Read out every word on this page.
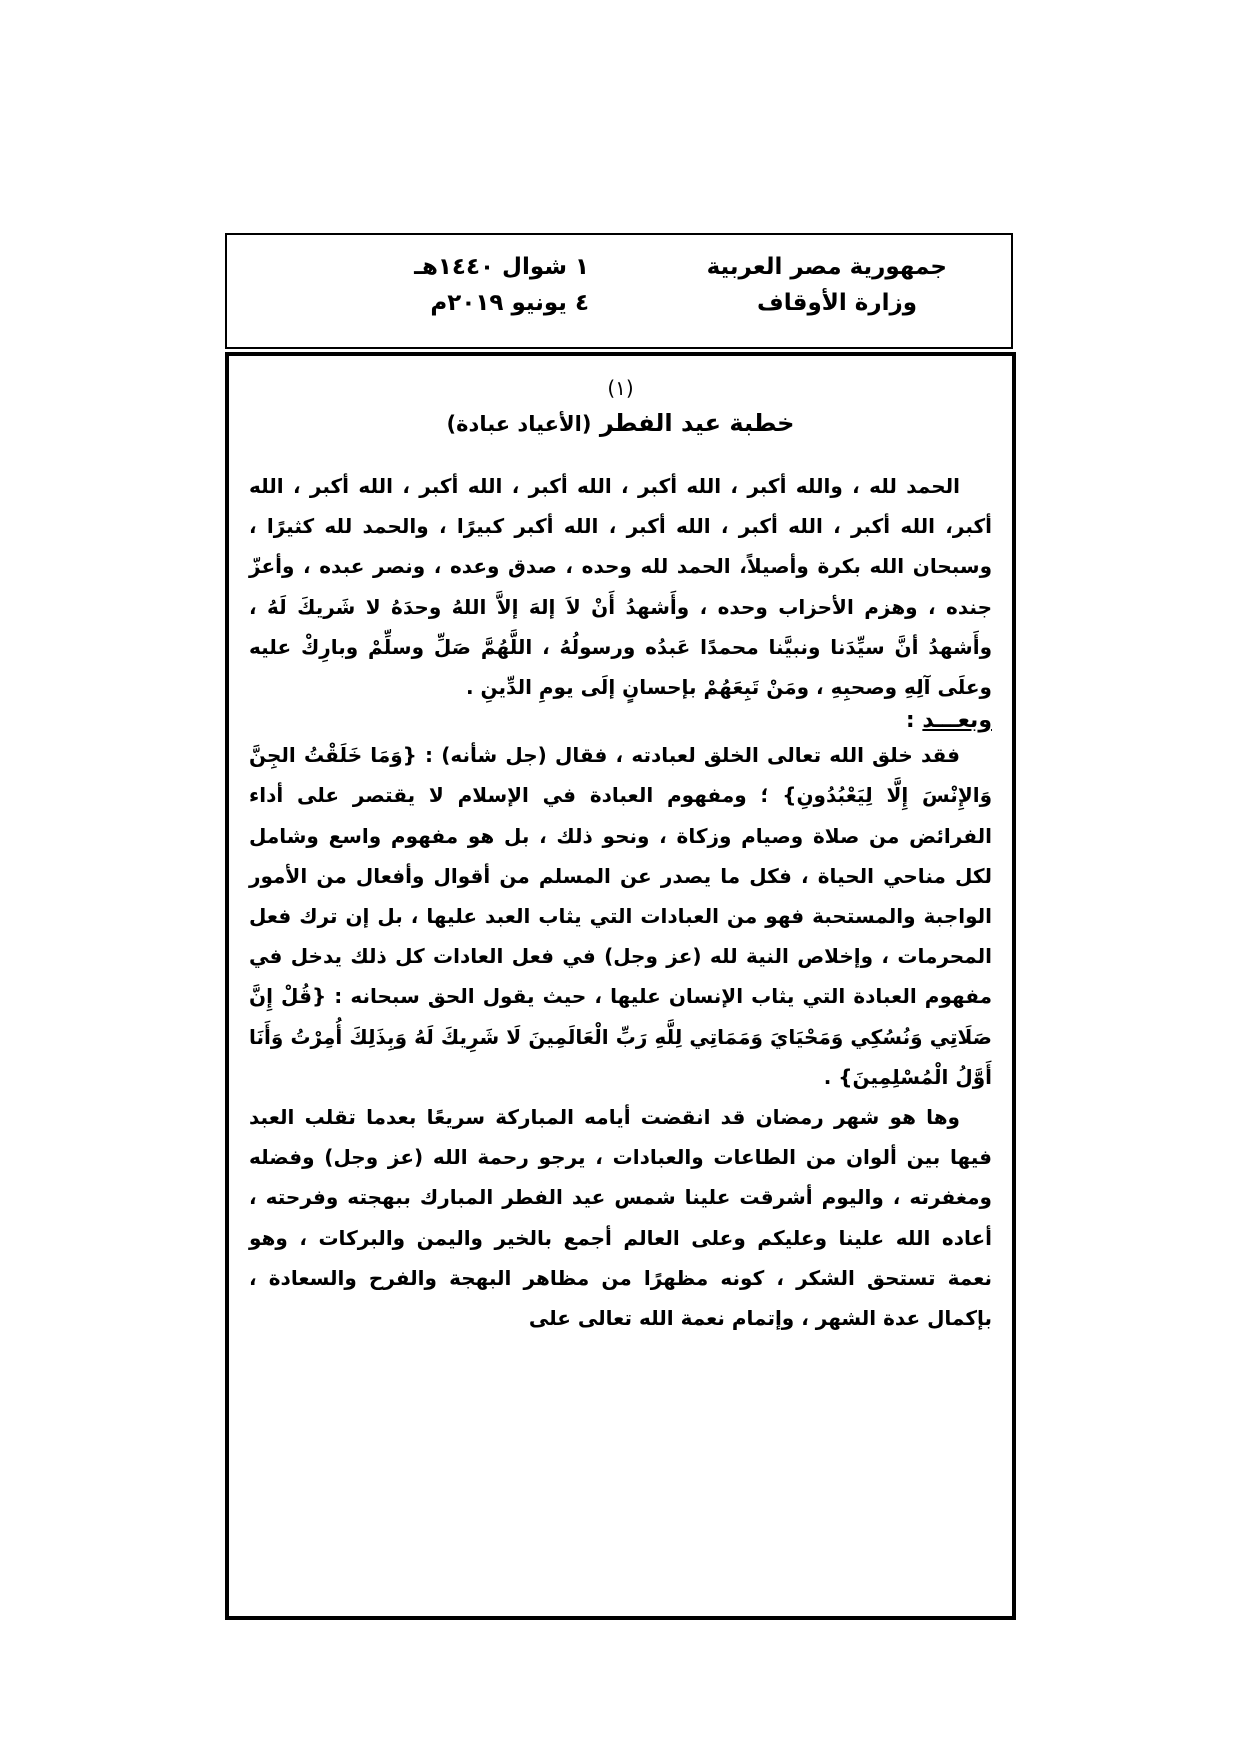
جمهورية مصر العربية
وزارة الأوقاف
١ شوال ١٤٤٠هـ
٤ يونيو ٢٠١٩م
(١)
خطبة عيد الفطر (الأعياد عبادة)

الحمد لله ، والله أكبر ، الله أكبر ، الله أكبر ، الله أكبر ، الله أكبر ، الله أكبر، الله أكبر ، الله أكبر ، الله أكبر ، الله أكبر كبيرًا ، والحمد لله كثيرًا ، وسبحان الله بكرة وأصيلاً، الحمد لله وحده ، صدق وعده ، ونصر عبده ، وأعزّ جنده ، وهزم الأحزاب وحده ، وأَشهدُ أَنْ لاَ إلهَ إلاَّ اللهُ وحدَهُ لا شَريكَ لَهُ ، وأَشهدُ أنَّ سيِّدَنا ونبيَّنا محمدًا عَبدُه ورسولُهُ ، اللَّهُمَّ صَلِّ وسلِّمْ وبارِكْ عليه وعلَى آلِهِ وصحبِهِ ، ومَنْ تَبِعَهُمْ بإحسانٍ إلَى يومِ الدِّينِ .

وبعـــد :

فقد خلق الله تعالى الخلق لعبادته ، فقال (جل شأنه) : {وَمَا خَلَقْتُ الجِنَّ وَالإِنْسَ إِلَّا لِيَعْبُدُونِ} ؛ ومفهوم العبادة في الإسلام لا يقتصر على أداء الفرائض من صلاة وصيام وزكاة ، ونحو ذلك ، بل هو مفهوم واسع وشامل لكل مناحي الحياة ، فكل ما يصدر عن المسلم من أقوال وأفعال من الأمور الواجبة والمستحبة فهو من العبادات التي يثاب العبد عليها ، بل إن ترك فعل المحرمات ، وإخلاص النية لله (عز وجل) في فعل العادات كل ذلك يدخل في مفهوم العبادة التي يثاب الإنسان عليها ، حيث يقول الحق سبحانه : {قُلْ إِنَّ صَلَاتِي وَنُسُكِي وَمَحْيَايَ وَمَمَاتِي لِلَّهِ رَبِّ الْعَالَمِينَ لَا شَرِيكَ لَهُ وَبِذَلِكَ أُمِرْتُ وَأَنَا أَوَّلُ الْمُسْلِمِينَ} .

وها هو شهر رمضان قد انقضت أيامه المباركة سريعًا بعدما تقلب العبد فيها بين ألوان من الطاعات والعبادات ، يرجو رحمة الله (عز وجل) وفضله ومغفرته ، واليوم أشرقت علينا شمس عيد الفطر المبارك ببهجته وفرحته ، أعاده الله علينا وعليكم وعلى العالم أجمع بالخير واليمن والبركات ، وهو نعمة تستحق الشكر ، كونه مظهرًا من مظاهر البهجة والفرح والسعادة ، بإكمال عدة الشهر ، وإتمام نعمة الله تعالى على
